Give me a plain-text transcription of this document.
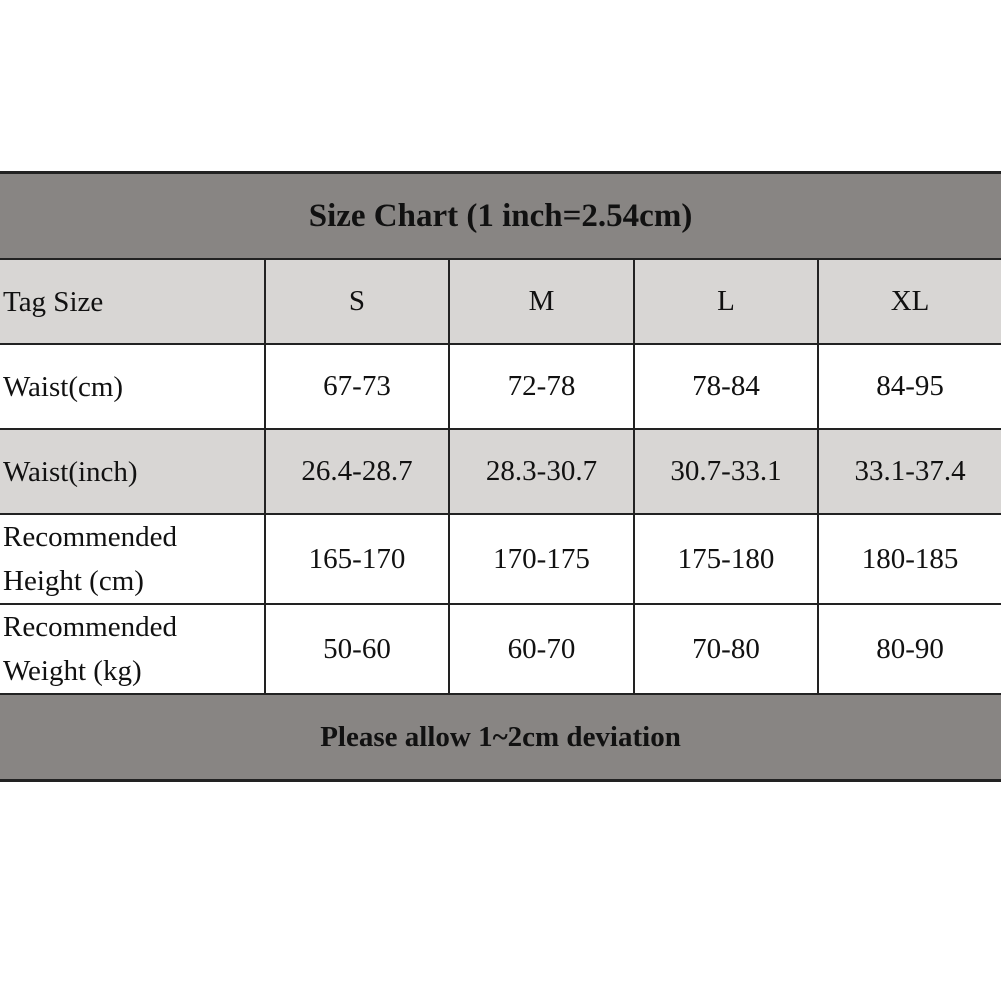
Size Chart (1 inch=2.54cm)				
Tag Size	S	M	L	XL
Waist(cm)	67-73	72-78	78-84	84-95
Waist(inch)	26.4-28.7	28.3-30.7	30.7-33.1	33.1-37.4

Recommended
Height (cm)	165-170	170-175	175-180	180-185

Recommended
Weight (kg)	50-60	60-70	70-80	80-90
Please allow 1~2cm deviation				
